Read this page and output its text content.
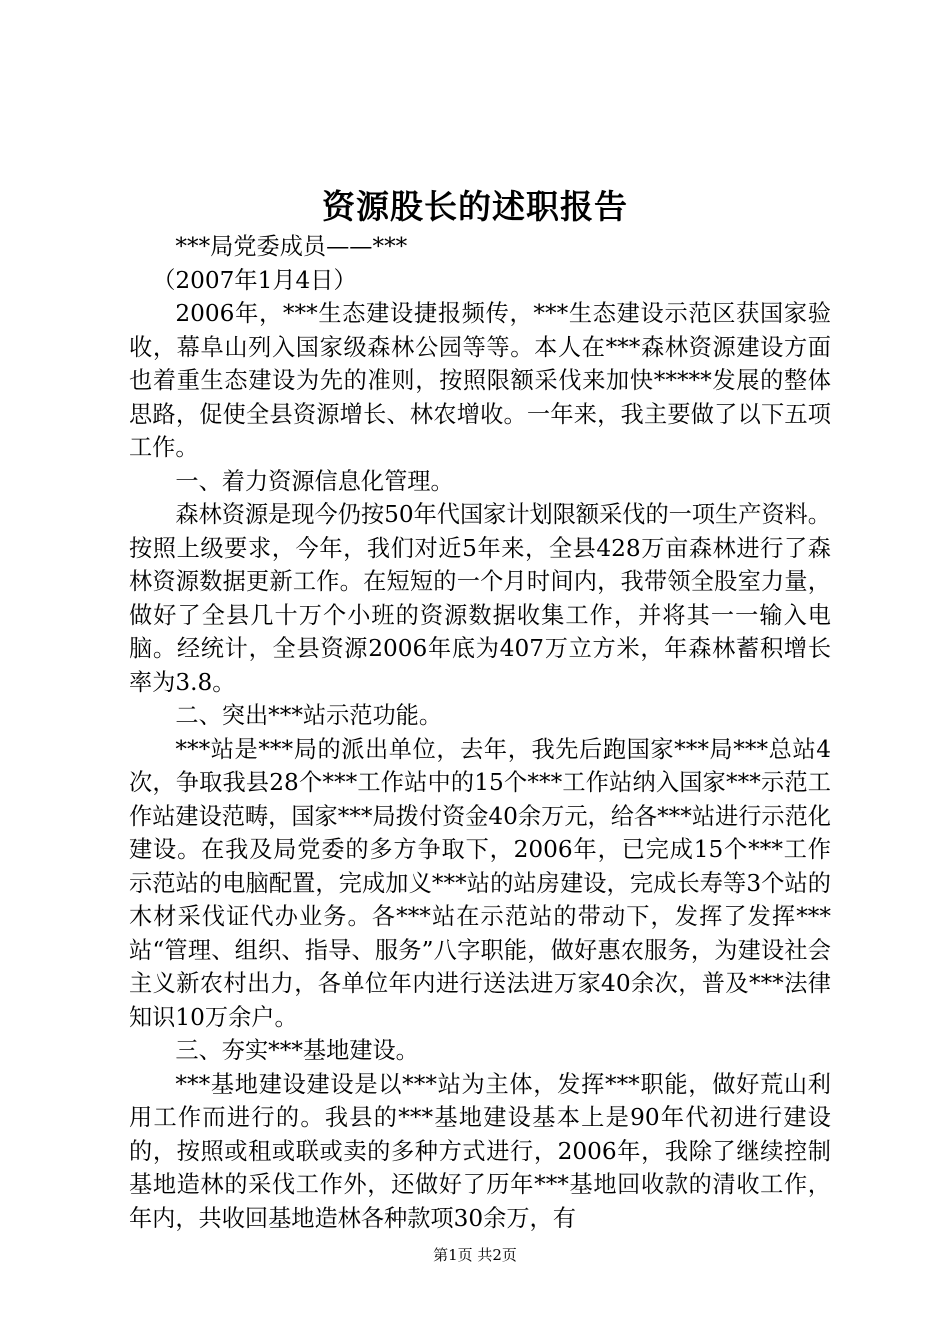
资源股长的述职报告

***局党委成员——***

（2007年1月4日）

2006年，***生态建设捷报频传，***生态建设示范区获国家验收，幕阜山列入国家级森林公园等等。本人在***森林资源建设方面也着重生态建设为先的准则，按照限额采伐来加快*****发展的整体思路，促使全县资源增长、林农增收。一年来，我主要做了以下五项工作。

一、着力资源信息化管理。

森林资源是现今仍按50年代国家计划限额采伐的一项生产资料。按照上级要求，今年，我们对近5年来，全县428万亩森林进行了森林资源数据更新工作。在短短的一个月时间内，我带领全股室力量，做好了全县几十万个小班的资源数据收集工作，并将其一一输入电脑。经统计，全县资源2006年底为407万立方米，年森林蓄积增长率为3.8。

二、突出***站示范功能。

***站是***局的派出单位，去年，我先后跑国家***局***总站4次，争取我县28个***工作站中的15个***工作站纳入国家***示范工作站建设范畴，国家***局拨付资金40余万元，给各***站进行示范化建设。在我及局党委的多方争取下，2006年，已完成15个***工作示范站的电脑配置，完成加义***站的站房建设，完成长寿等3个站的木材采伐证代办业务。各***站在示范站的带动下，发挥了发挥***站“管理、组织、指导、服务”八字职能，做好惠农服务，为建设社会主义新农村出力，各单位年内进行送法进万家40余次，普及***法律知识10万余户。

三、夯实***基地建设。

***基地建设建设是以***站为主体，发挥***职能，做好荒山利用工作而进行的。我县的***基地建设基本上是90年代初进行建设的，按照或租或联或卖的多种方式进行，2006年，我除了继续控制基地造林的采伐工作外，还做好了历年***基地回收款的清收工作，年内，共收回基地造林各种款项30余万，有

第1页 共2页
